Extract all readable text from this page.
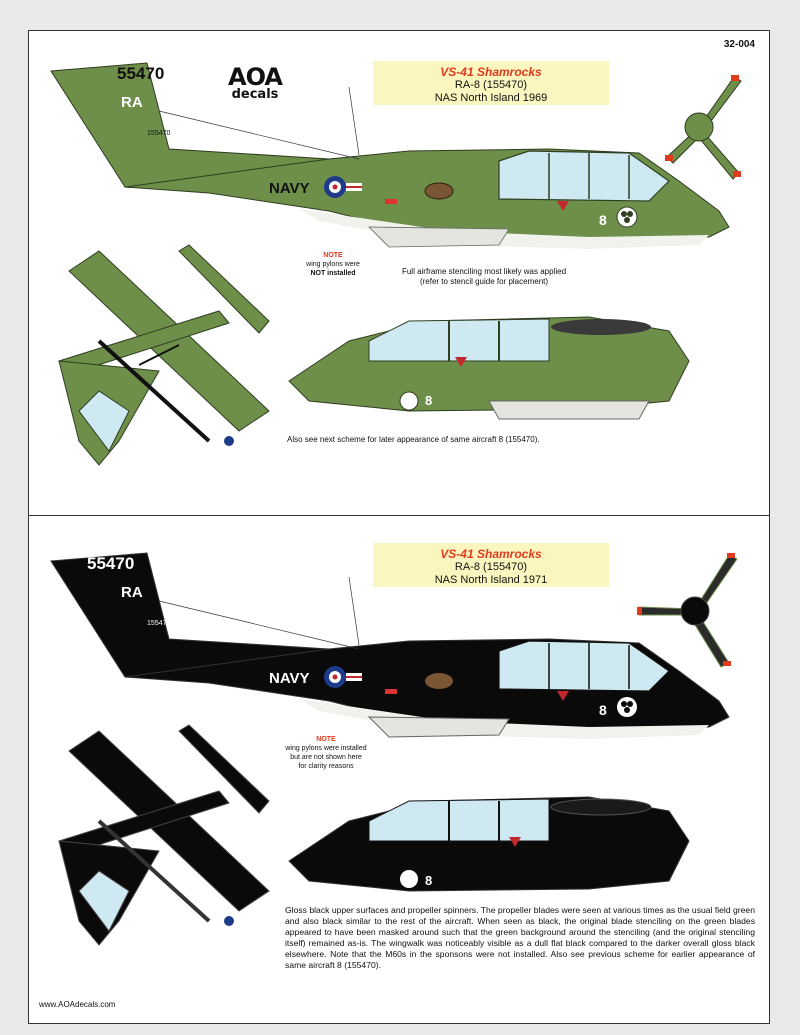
32-004
AOA
decals
VS-41 Shamrocks
RA-8 (155470)
NAS North Island 1969
55470
RA
155470
NAVY
8
NOTE
wing pylons were
NOT installed	Full airframe stenciling most likely was applied
(refer to stencil guide for placement)
8
Also see next scheme for later appearance of same aircraft 8 (155470).
VS-41 Shamrocks
RA-8 (155470)
NAS North Island 1971
55470
RA
155470
NAVY
8
NOTE
wing pylons were installed
but are not shown here
for clarity reasons
8
Gloss black upper surfaces and propeller spinners. The propeller blades were seen at various times as the usual field green and also black similar to the rest of the aircraft. When seen as black, the original blade stenciling on the green blades appeared to have been masked around such that the green background around the stenciling (and the original stenciling itself) remained as-is. The wingwalk was noticeably visible as a dull flat black compared to the darker overall gloss black elsewhere. Note that the M60s in the sponsons were not installed. Also see previous scheme for earlier appearance of same aircraft 8 (155470).
www.AOAdecals.com
